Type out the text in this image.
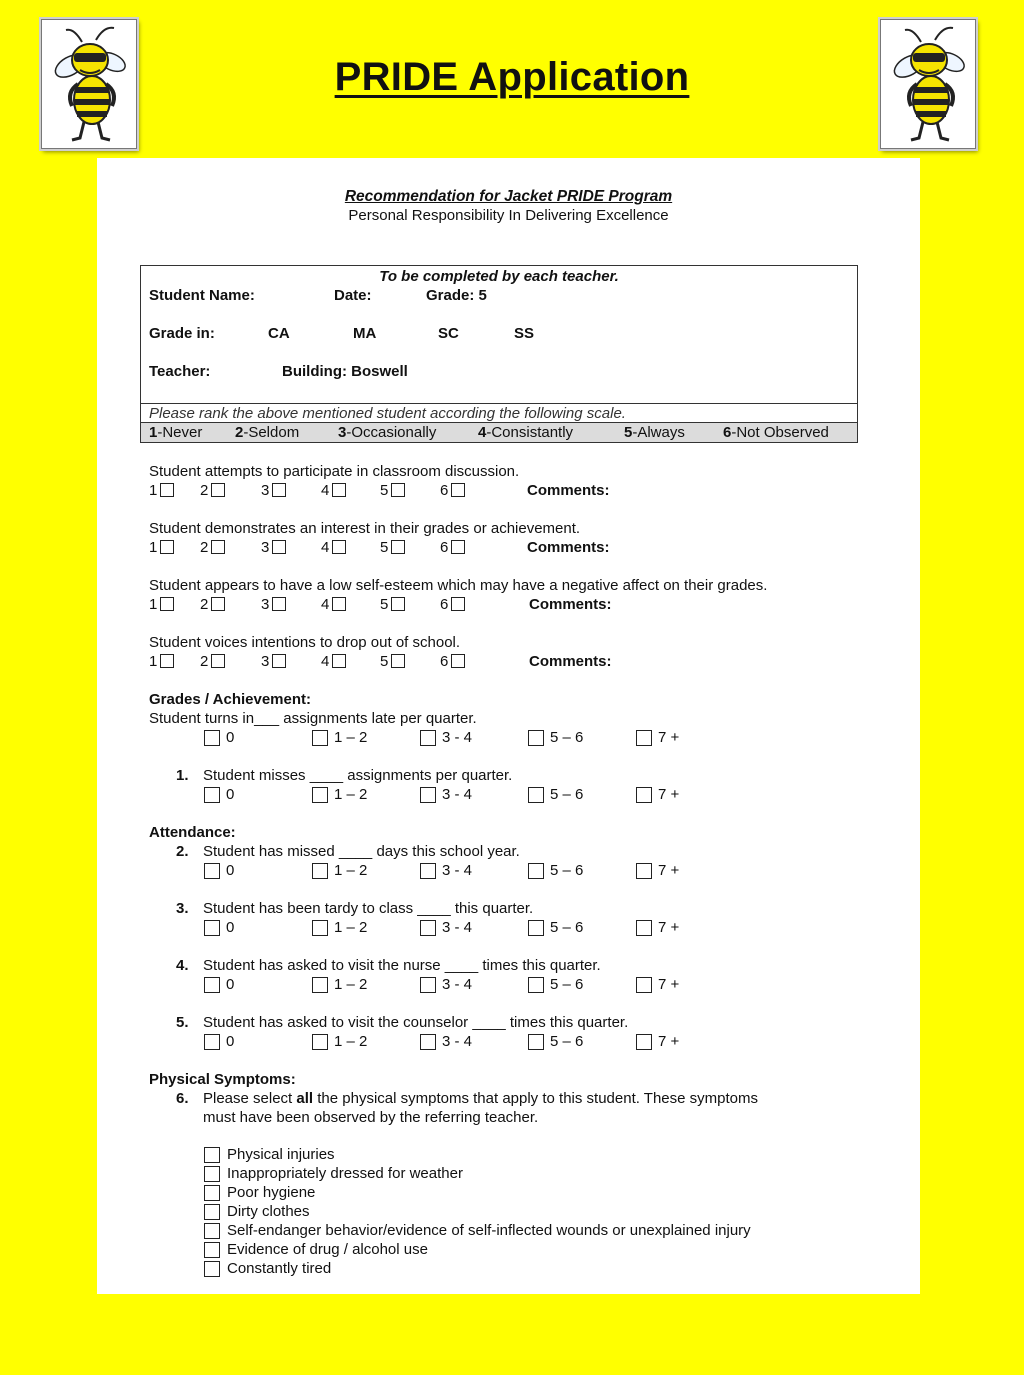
PRIDE Application
Recommendation for Jacket PRIDE Program
Personal Responsibility In Delivering Excellence
To be completed by each teacher.
Student Name:	Date:	Grade: 5
Grade in:	CA	MA	SC	SS
Teacher:	Building: Boswell
Please rank the above mentioned student according the following scale.
1-Never 2-Seldom	3-Occasionally	4-Consistantly	5-Always	6-Not Observed
Student attempts to participate in classroom discussion.
1	2	3	4	5	6	Comments:
Student demonstrates an interest in their grades or achievement.
1	2	3	4	5	6	Comments:
Student appears to have a low self-esteem which may have a negative affect on their grades.
1	2	3	4	5	6	Comments:
Student voices intentions to drop out of school.
1	2	3	4	5	6	Comments:
Grades / Achievement:
Student turns in___ assignments late per quarter.
0	1 – 2	3 - 4	5 – 6	7 +
1. Student misses ____ assignments per quarter.
0	1 – 2	3 - 4	5 – 6	7 +
Attendance:
2. Student has missed ____ days this school year.
0	1 – 2	3 - 4	5 – 6	7 +
3. Student has been tardy to class ____ this quarter.
0	1 – 2	3 - 4	5 – 6	7 +
4. Student has asked to visit the nurse ____ times this quarter.
0	1 – 2	3 - 4	5 – 6	7 +
5. Student has asked to visit the counselor ____ times this quarter.
0	1 – 2	3 - 4	5 – 6	7 +
Physical Symptoms:
6. Please select all the physical symptoms that apply to this student. These symptoms
must have been observed by the referring teacher.
Physical injuries
Inappropriately dressed for weather
Poor hygiene
Dirty clothes
Self-endanger behavior/evidence of self-inflected wounds or unexplained injury
Evidence of drug / alcohol use
Constantly tired
